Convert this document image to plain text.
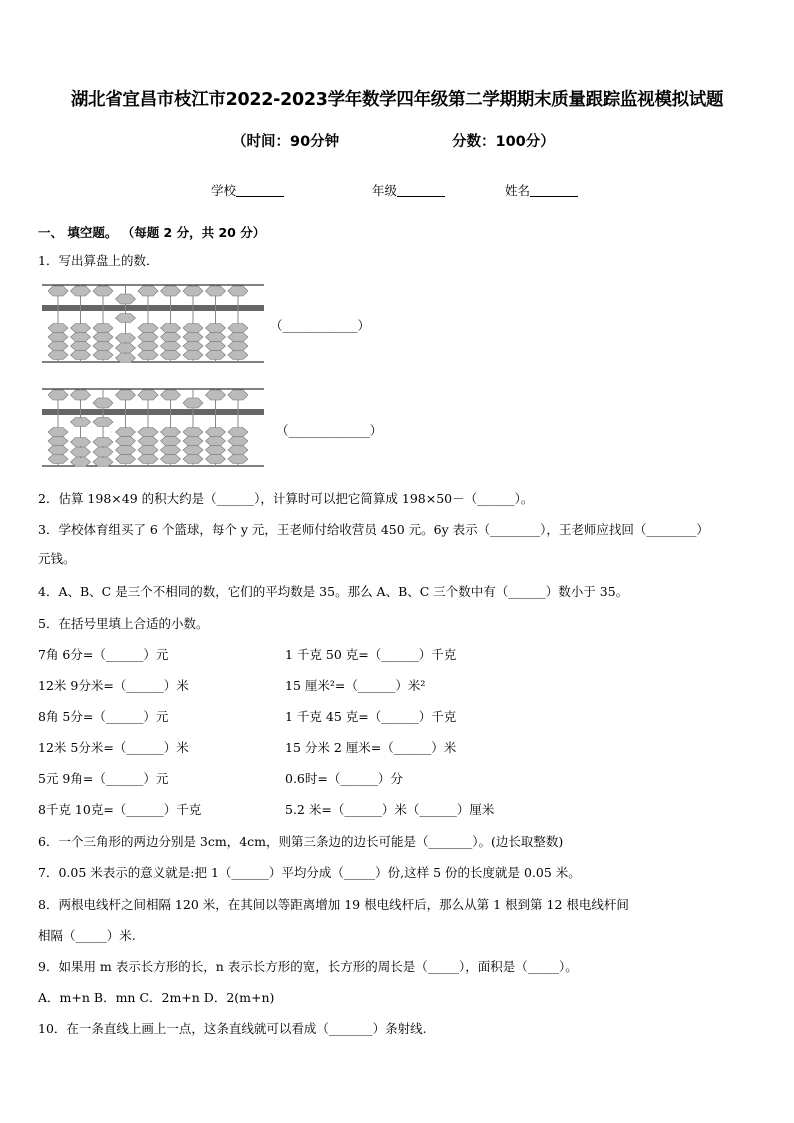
湖北省宜昌市枝江市2022-2023学年数学四年级第二学期期末质量跟踪监视模拟试题
（时间：90分钟	分数：100分）
学校	年级	姓名
一、 填空题。 （每题 2 分，共 20 分）
1．写出算盘上的数．
（____________）
（_____________）
2．估算 198×49 的积大约是（______），计算时可以把它简算成 198×50－（______）。
3．学校体育组买了 6 个篮球，每个 y 元，王老师付给收营员 450 元。6y 表示（________），王老师应找回（________）
元钱。
4．A、B、C 是三个不相同的数，它们的平均数是 35。那么 A、B、C 三个数中有（______）数小于 35。
5．在括号里填上合适的小数。
7角 6分=（______）元	1 千克 50 克=（______）千克
12米 9分米=（______）米	15 厘米²=（______）米²
8角 5分=（______）元	1 千克 45 克=（______）千克
12米 5分米=（______）米	15 分米 2 厘米=（______）米
5元 9角=（______）元	0.6时=（______）分
8千克 10克=（______）千克	5.2 米=（______）米（______）厘米
6．一个三角形的两边分别是 3cm，4cm，则第三条边的边长可能是（_______）。(边长取整数)
7．0.05 米表示的意义就是:把 1（______）平均分成（_____）份,这样 5 份的长度就是 0.05 米。
8．两根电线杆之间相隔 120 米，在其间以等距离增加 19 根电线杆后，那么从第 1 根到第 12 根电线杆间
相隔（_____）米.
9．如果用 m 表示长方形的长，n 表示长方形的宽，长方形的周长是（_____），面积是（_____）。
A．m+n B．mn C．2m+n D．2(m+n)
10．在一条直线上画上一点，这条直线就可以看成（_______）条射线.
